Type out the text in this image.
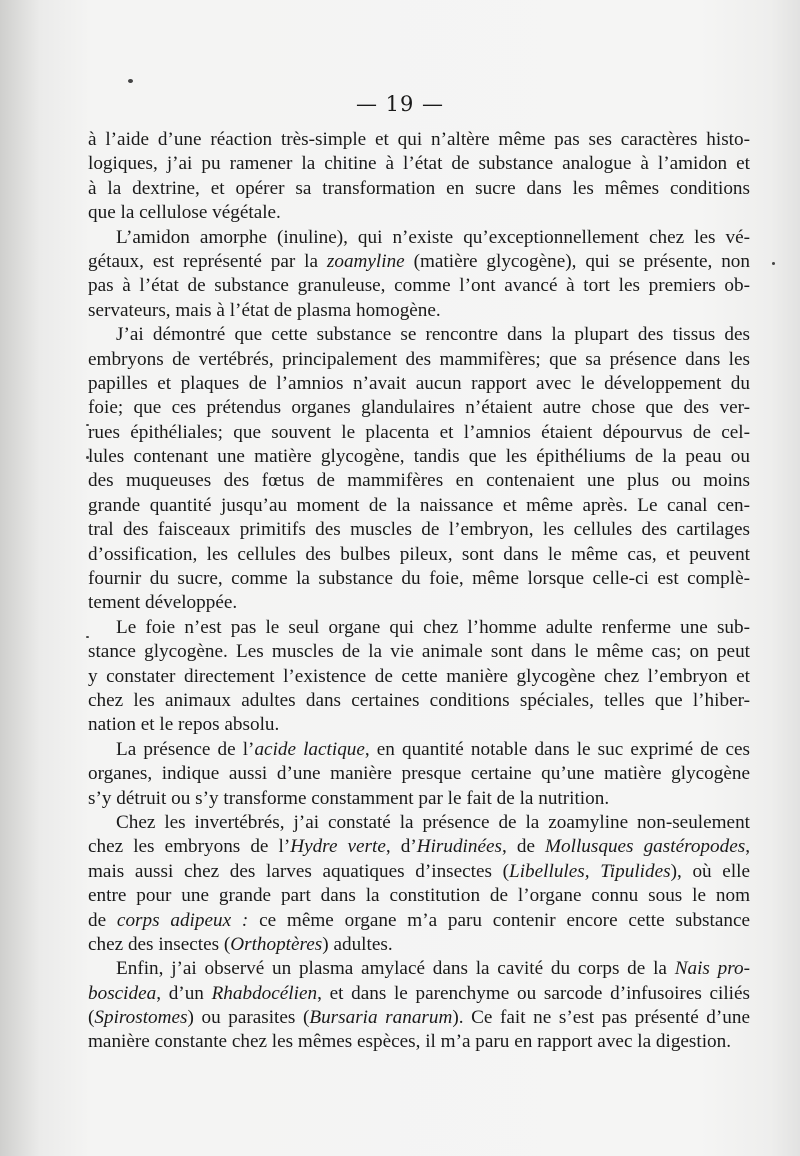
— 19 —
à l’aide d’une réaction très-simple et qui n’altère même pas ses caractères histo-
logiques, j’ai pu ramener la chitine à l’état de substance analogue à l’amidon et
à la dextrine, et opérer sa transformation en sucre dans les mêmes conditions
que la cellulose végétale.
L’amidon amorphe (inuline), qui n’existe qu’exceptionnellement chez les vé-
gétaux, est représenté par la zoamyline (matière glycogène), qui se présente, non
pas à l’état de substance granuleuse, comme l’ont avancé à tort les premiers ob-
servateurs, mais à l’état de plasma homogène.
J’ai démontré que cette substance se rencontre dans la plupart des tissus des
embryons de vertébrés, principalement des mammifères; que sa présence dans les
papilles et plaques de l’amnios n’avait aucun rapport avec le développement du
foie; que ces prétendus organes glandulaires n’étaient autre chose que des ver-
rues épithéliales; que souvent le placenta et l’amnios étaient dépourvus de cel-
lules contenant une matière glycogène, tandis que les épithéliums de la peau ou
des muqueuses des fœtus de mammifères en contenaient une plus ou moins
grande quantité jusqu’au moment de la naissance et même après. Le canal cen-
tral des faisceaux primitifs des muscles de l’embryon, les cellules des cartilages
d’ossification, les cellules des bulbes pileux, sont dans le même cas, et peuvent
fournir du sucre, comme la substance du foie, même lorsque celle-ci est complè-
tement développée.
Le foie n’est pas le seul organe qui chez l’homme adulte renferme une sub-
stance glycogène. Les muscles de la vie animale sont dans le même cas; on peut
y constater directement l’existence de cette manière glycogène chez l’embryon et
chez les animaux adultes dans certaines conditions spéciales, telles que l’hiber-
nation et le repos absolu.
La présence de l’acide lactique, en quantité notable dans le suc exprimé de ces
organes, indique aussi d’une manière presque certaine qu’une matière glycogène
s’y détruit ou s’y transforme constamment par le fait de la nutrition.
Chez les invertébrés, j’ai constaté la présence de la zoamyline non-seulement
chez les embryons de l’Hydre verte, d’Hirudinées, de Mollusques gastéropodes,
mais aussi chez des larves aquatiques d’insectes (Libellules, Tipulides), où elle
entre pour une grande part dans la constitution de l’organe connu sous le nom
de corps adipeux : ce même organe m’a paru contenir encore cette substance
chez des insectes (Orthoptères) adultes.
Enfin, j’ai observé un plasma amylacé dans la cavité du corps de la Nais pro-
boscidea, d’un Rhabdocélien, et dans le parenchyme ou sarcode d’infusoires ciliés
(Spirostomes) ou parasites (Bursaria ranarum). Ce fait ne s’est pas présenté d’une
manière constante chez les mêmes espèces, il m’a paru en rapport avec la digestion.
